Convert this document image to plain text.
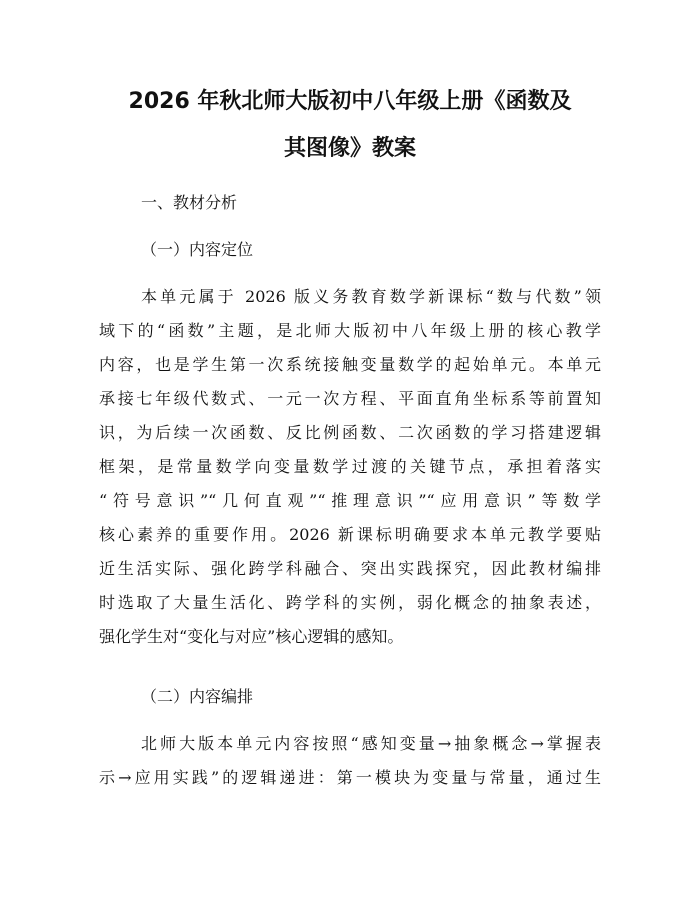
2026 年秋北师大版初中八年级上册《函数及
其图像》教案
一、教材分析
（一）内容定位
本单元属于 2026 版义务教育数学新课标“数与代数”领
域下的“函数”主题，是北师大版初中八年级上册的核心教学
内容，也是学生第一次系统接触变量数学的起始单元。本单元
承接七年级代数式、一元一次方程、平面直角坐标系等前置知
识，为后续一次函数、反比例函数、二次函数的学习搭建逻辑
框架，是常量数学向变量数学过渡的关键节点，承担着落实
“符号意识”“几何直观”“推理意识”“应用意识”等数学
核心素养的重要作用。2026 新课标明确要求本单元教学要贴
近生活实际、强化跨学科融合、突出实践探究，因此教材编排
时选取了大量生活化、跨学科的实例，弱化概念的抽象表述，
强化学生对“变化与对应”核心逻辑的感知。
（二）内容编排
北师大版本单元内容按照“感知变量→抽象概念→掌握表
示→应用实践”的逻辑递进：第一模块为变量与常量，通过生
